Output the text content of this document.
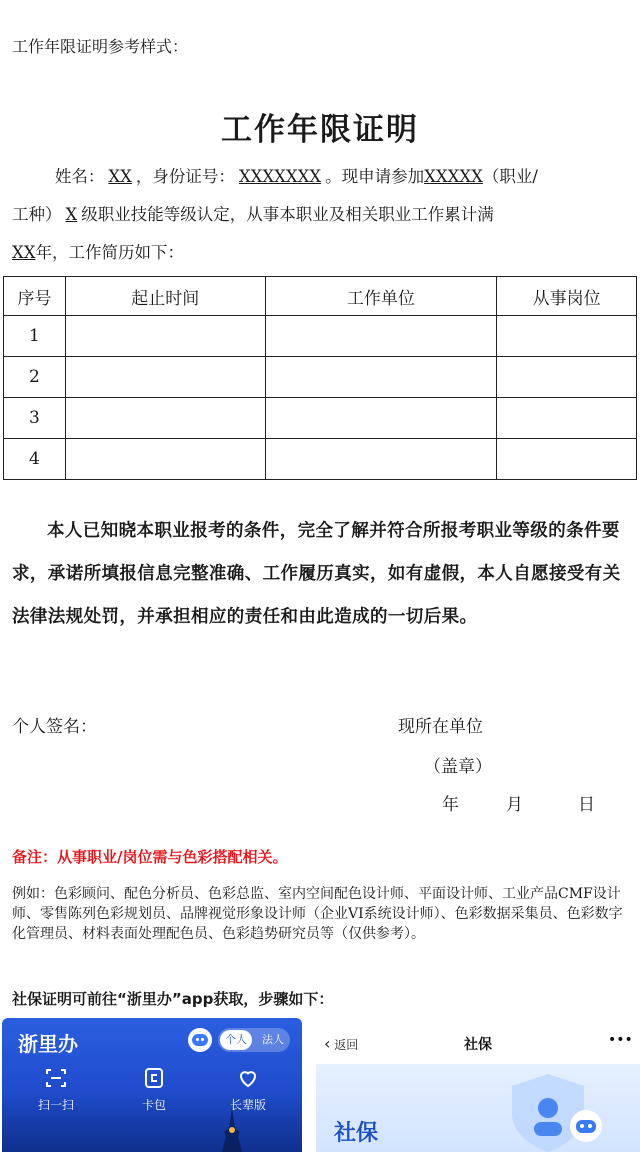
工作年限证明参考样式：
工作年限证明
姓名： XX ，身份证号： XXXXXXX 。现申请参加XXXXX（职业/
工种） X 级职业技能等级认定，从事本职业及相关职业工作累计满
XX年，工作简历如下：
序号	起止时间	工作单位	从事岗位
1			
2			
3			
4			
本人已知晓本职业报考的条件，完全了解并符合所报考职业等级的条件要求，承诺所填报信息完整准确、工作履历真实，如有虚假，本人自愿接受有关法律法规处罚，并承担相应的责任和由此造成的一切后果。
个人签名：	现所在单位
（盖章）
年	月	日
备注：从事职业/岗位需与色彩搭配相关。
例如：色彩顾问、配色分析员、色彩总监、室内空间配色设计师、平面设计师、工业产品CMF设计师、零售陈列色彩规划员、品牌视觉形象设计师（企业VI系统设计师）、色彩数据采集员、色彩数字化管理员、材料表面处理配色员、色彩趋势研究员等（仅供参考）。
社保证明可前往“浙里办”app获取，步骤如下：
浙里办	个人	法人
扫一扫	卡包	长辈版
‹ 返回	社保	•••
社保
